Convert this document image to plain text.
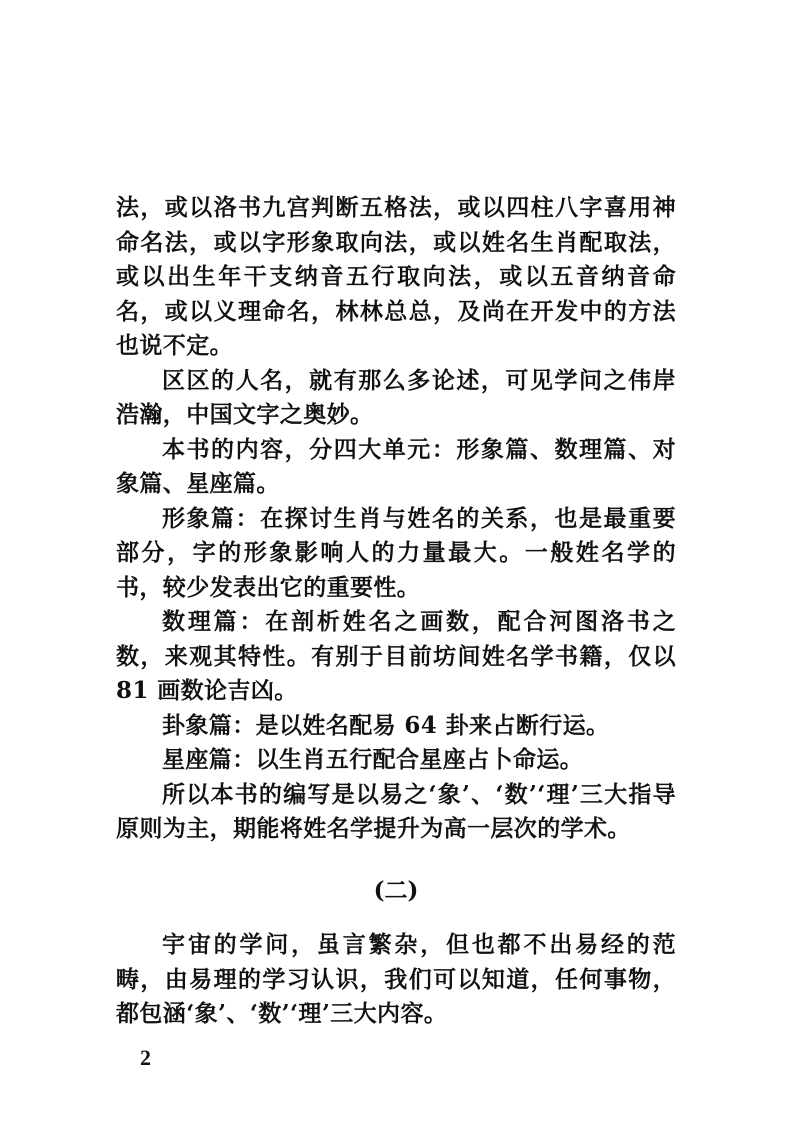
法，或以洛书九宫判断五格法，或以四柱八字喜用神命名法，或以字形象取向法，或以姓名生肖配取法，或以出生年干支纳音五行取向法，或以五音纳音命名，或以义理命名，林林总总，及尚在开发中的方法也说不定。

区区的人名，就有那么多论述，可见学问之伟岸浩瀚，中国文字之奥妙。

本书的内容，分四大单元：形象篇、数理篇、对象篇、星座篇。

形象篇：在探讨生肖与姓名的关系，也是最重要部分，字的形象影响人的力量最大。一般姓名学的书，较少发表出它的重要性。

数理篇：在剖析姓名之画数，配合河图洛书之数，来观其特性。有别于目前坊间姓名学书籍，仅以 81 画数论吉凶。

卦象篇：是以姓名配易 64 卦来占断行运。

星座篇：以生肖五行配合星座占卜命运。

所以本书的编写是以易之‘象’、‘数’‘理’三大指导原则为主，期能将姓名学提升为高一层次的学术。

(二)

宇宙的学问，虽言繁杂，但也都不出易经的范畴，由易理的学习认识，我们可以知道，任何事物，都包涵‘象’、‘数’‘理’三大内容。

2
